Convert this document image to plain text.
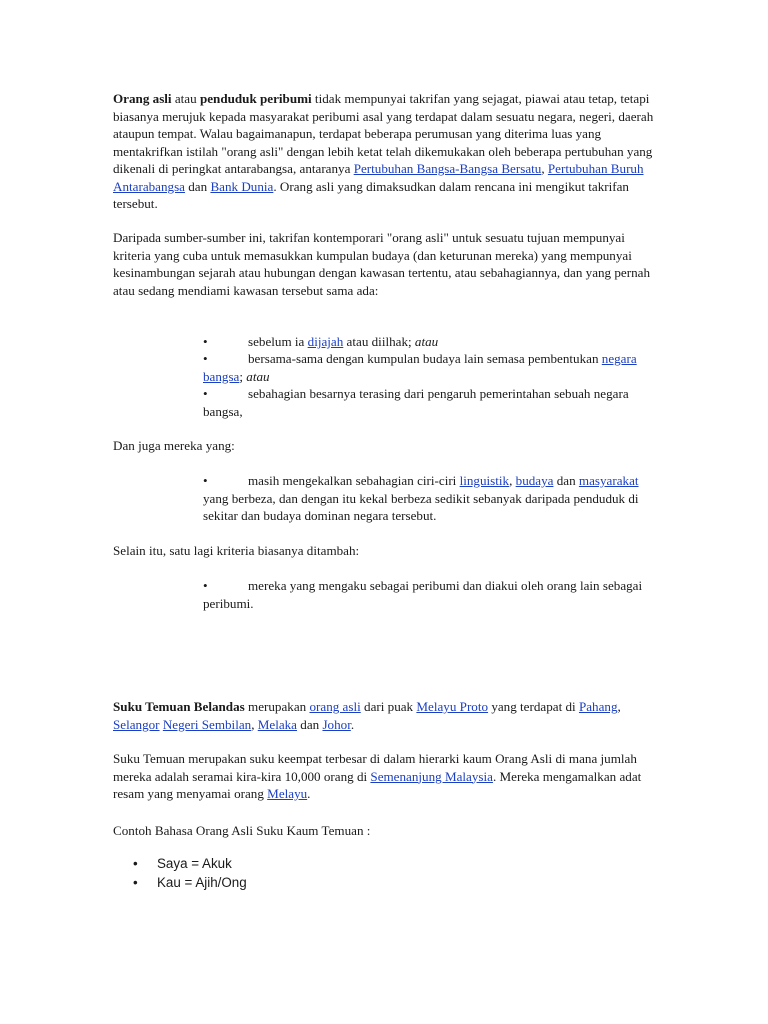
Orang asli atau penduduk peribumi tidak mempunyai takrifan yang sejagat, piawai atau tetap, tetapi biasanya merujuk kepada masyarakat peribumi asal yang terdapat dalam sesuatu negara, negeri, daerah ataupun tempat. Walau bagaimanapun, terdapat beberapa perumusan yang diterima luas yang mentakrifkan istilah "orang asli" dengan lebih ketat telah dikemukakan oleh beberapa pertubuhan yang dikenali di peringkat antarabangsa, antaranya Pertubuhan Bangsa-Bangsa Bersatu, Pertubuhan Buruh Antarabangsa dan Bank Dunia. Orang asli yang dimaksudkan dalam rencana ini mengikut takrifan tersebut.

Daripada sumber-sumber ini, takrifan kontemporari "orang asli" untuk sesuatu tujuan mempunyai kriteria yang cuba untuk memasukkan kumpulan budaya (dan keturunan mereka) yang mempunyai kesinambungan sejarah atau hubungan dengan kawasan tertentu, atau sebahagiannya, dan yang pernah atau sedang mendiami kawasan tersebut sama ada:

•	sebelum ia dijajah atau diilhak; atau

•	bersama-sama dengan kumpulan budaya lain semasa pembentukan negara bangsa; atau

•	sebahagian besarnya terasing dari pengaruh pemerintahan sebuah negara bangsa,

Dan juga mereka yang:

•	masih mengekalkan sebahagian ciri-ciri linguistik, budaya dan masyarakat yang berbeza, dan dengan itu kekal berbeza sedikit sebanyak daripada penduduk di sekitar dan budaya dominan negara tersebut.

Selain itu, satu lagi kriteria biasanya ditambah:

•	mereka yang mengaku sebagai peribumi dan diakui oleh orang lain sebagai peribumi.

Suku Temuan Belandas merupakan orang asli dari puak Melayu Proto yang terdapat di Pahang, Selangor Negeri Sembilan, Melaka dan Johor.

Suku Temuan merupakan suku keempat terbesar di dalam hierarki kaum Orang Asli di mana jumlah mereka adalah seramai kira-kira 10,000 orang di Semenanjung Malaysia. Mereka mengamalkan adat resam yang menyamai orang Melayu.

Contoh Bahasa Orang Asli Suku Kaum Temuan :

• Saya = Akuk
• Kau = Ajih/Ong
